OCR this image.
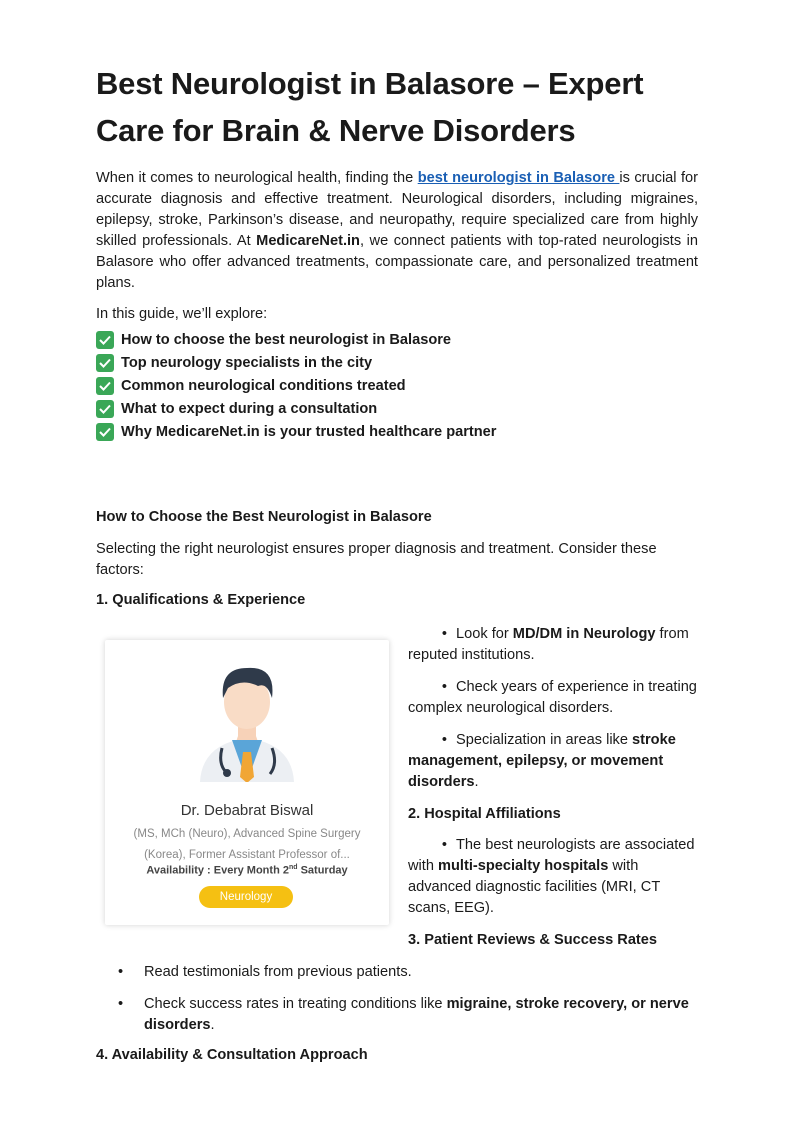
Best Neurologist in Balasore – Expert Care for Brain & Nerve Disorders

When it comes to neurological health, finding the best neurologist in Balasore is crucial for accurate diagnosis and effective treatment. Neurological disorders, including migraines, epilepsy, stroke, Parkinson’s disease, and neuropathy, require specialized care from highly skilled professionals. At MedicareNet.in, we connect patients with top-rated neurologists in Balasore who offer advanced treatments, compassionate care, and personalized treatment plans.

In this guide, we’ll explore:

How to choose the best neurologist in Balasore
Top neurology specialists in the city
Common neurological conditions treated
What to expect during a consultation
Why MedicareNet.in is your trusted healthcare partner
How to Choose the Best Neurologist in Balasore
Selecting the right neurologist ensures proper diagnosis and treatment. Consider these factors:
1. Qualifications & Experience
Dr. Debabrat Biswal
(MS, MCh (Neuro), Advanced Spine Surgery (Korea), Former Assistant Professor of...
Availability : Every Month 2nd Saturday
Neurology
• Look for MD/DM in Neurology from reputed institutions.
• Check years of experience in treating complex neurological disorders.
• Specialization in areas like stroke management, epilepsy, or movement disorders.
2. Hospital Affiliations
• The best neurologists are associated with multi-specialty hospitals with advanced diagnostic facilities (MRI, CT scans, EEG).
3. Patient Reviews & Success Rates
• Read testimonials from previous patients.
• Check success rates in treating conditions like migraine, stroke recovery, or nerve disorders.
4. Availability & Consultation Approach
